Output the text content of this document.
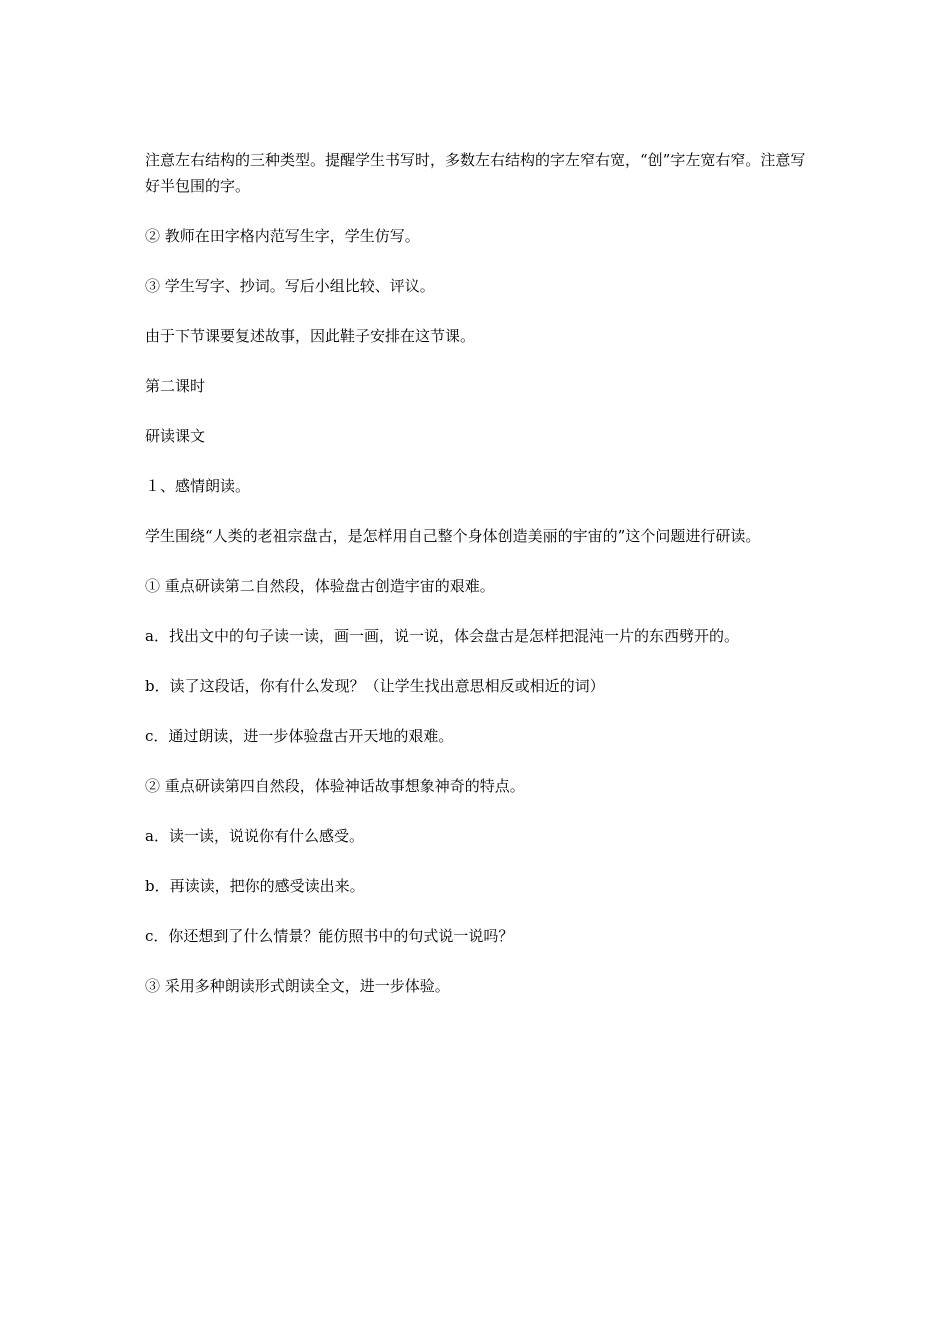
注意左右结构的三种类型。提醒学生书写时，多数左右结构的字左窄右宽，“创”字左宽右窄。注意写好半包围的字。

② 教师在田字格内范写生字，学生仿写。

③ 学生写字、抄词。写后小组比较、评议。

由于下节课要复述故事，因此鞋子安排在这节课。

第二课时

研读课文

１、感情朗读。

学生围绕“人类的老祖宗盘古，是怎样用自己整个身体创造美丽的宇宙的”这个问题进行研读。

① 重点研读第二自然段，体验盘古创造宇宙的艰难。

a．找出文中的句子读一读，画一画，说一说，体会盘古是怎样把混沌一片的东西劈开的。

b．读了这段话，你有什么发现？（让学生找出意思相反或相近的词）

c．通过朗读，进一步体验盘古开天地的艰难。

② 重点研读第四自然段，体验神话故事想象神奇的特点。

a．读一读，说说你有什么感受。

b．再读读，把你的感受读出来。

c．你还想到了什么情景？能仿照书中的句式说一说吗？

③ 采用多种朗读形式朗读全文，进一步体验。
